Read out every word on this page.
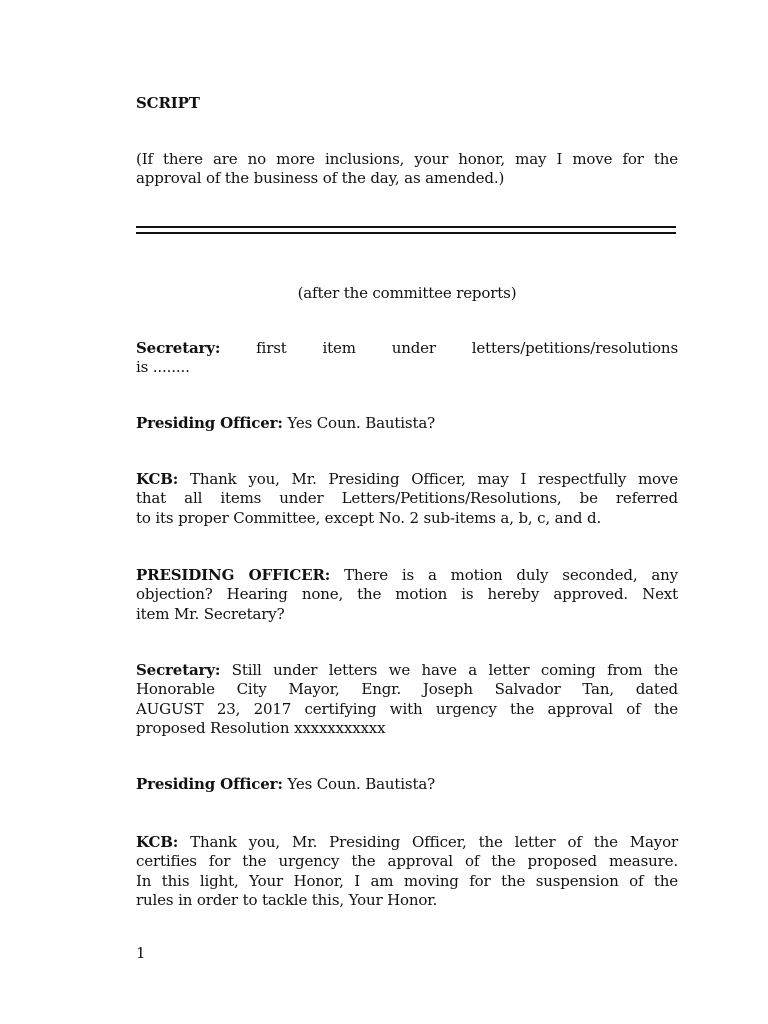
SCRIPT
(If there are no more inclusions, your honor, may I move for the
approval of the business of the day, as amended.)
(after the committee reports)
Secretary: first item under letters/petitions/resolutions
is ........
Presiding Officer: Yes Coun. Bautista?
KCB: Thank you, Mr. Presiding Officer, may I respectfully move
that all items under Letters/Petitions/Resolutions, be referred
to its proper Committee, except No. 2 sub-items a, b, c, and d.
PRESIDING OFFICER: There is a motion duly seconded, any
objection? Hearing none, the motion is hereby approved. Next
item Mr. Secretary?
Secretary: Still under letters we have a letter coming from the
Honorable City Mayor, Engr. Joseph Salvador Tan, dated
AUGUST 23, 2017 certifying with urgency the approval of the
proposed Resolution xxxxxxxxxxx
Presiding Officer: Yes Coun. Bautista?
KCB: Thank you, Mr. Presiding Officer, the letter of the Mayor
certifies for the urgency the approval of the proposed measure.
In this light, Your Honor, I am moving for the suspension of the
rules in order to tackle this, Your Honor.
1
